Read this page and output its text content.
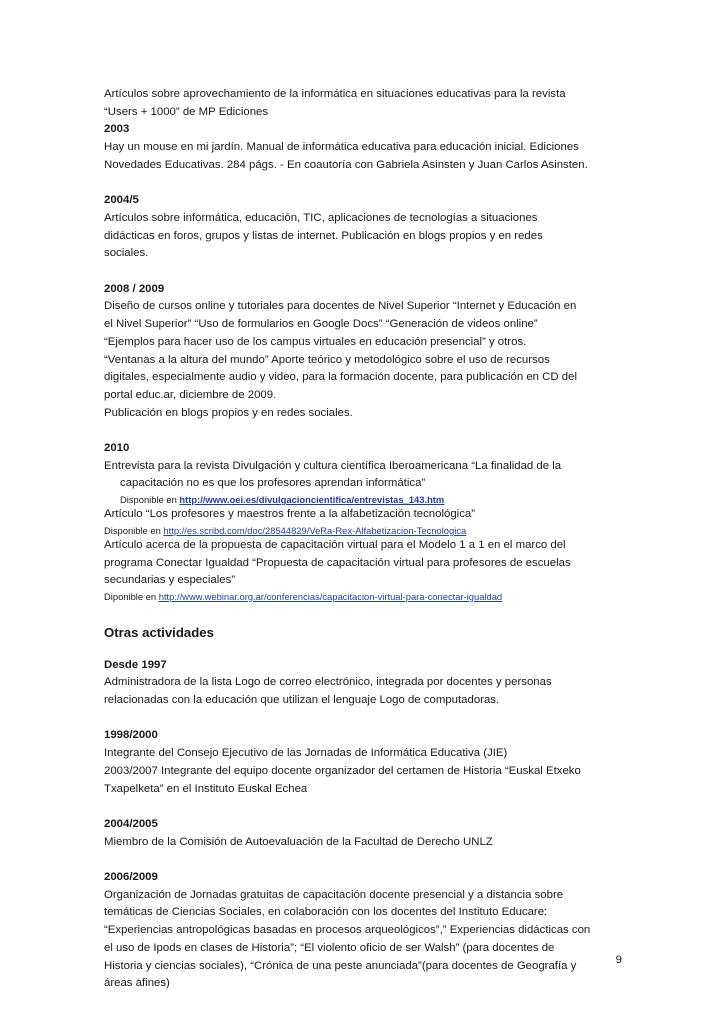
Artículos sobre aprovechamiento de la informática en situaciones educativas para la revista

“Users + 1000” de MP Ediciones

2003

Hay un mouse en mi jardín. Manual de informática educativa para educación inicial. Ediciones

Novedades Educativas. 284 págs. - En coautoría con Gabriela Asinsten y Juan Carlos Asinsten.

2004/5

Artículos sobre informática, educación, TIC, aplicaciones de tecnologías a situaciones

didácticas en foros, grupos y listas de internet. Publicación en blogs propios y en redes

sociales.

2008 / 2009

Diseño de cursos online y tutoriales para docentes de Nivel Superior “Internet y Educación en

el Nivel Superior” “Uso de formularios en Google Docs” “Generación de videos online”

“Ejemplos para hacer uso de los campus virtuales en educación presencial” y otros.

“Ventanas a la altura del mundo” Aporte teórico y metodológico sobre el uso de recursos

digitales, especialmente audio y video, para la formación docente, para publicación en CD del

portal educ.ar, diciembre de 2009.

Publicación en blogs propios y en redes sociales.

2010

Entrevista para la revista Divulgación y cultura científica Iberoamericana “La finalidad de la

capacitación no es que los profesores aprendan informática”

Disponible en http://www.oei.es/divulgacioncientifica/entrevistas_143.htm

Artículo “Los profesores y maestros frente a la alfabetización tecnológica”

Disponible en http://es.scribd.com/doc/28544829/VeRa-Rex-Alfabetizacion-Tecnologica

Artículo acerca de la propuesta de capacitación virtual para el Modelo 1 a 1 en el marco del

programa Conectar Igualdad “Propuesta de capacitación virtual para profesores de escuelas

secundarias y especiales”

Diponible en http://www.webinar.org.ar/conferencias/capacitacion-virtual-para-conectar-igualdad

Otras actividades

Desde 1997

Administradora de la lista Logo de correo electrónico, integrada por docentes y personas

relacionadas con la educación que utilizan el lenguaje Logo de computadoras.

1998/2000

Integrante del Consejo Ejecutivo de las Jornadas de Informática Educativa (JIE)

2003/2007 Integrante del equipo docente organizador del certamen de Historia “Euskal Etxeko

Txapelketa” en el Instituto Euskal Echea

2004/2005

Miembro de la Comisión de Autoevaluación de la Facultad de Derecho UNLZ

2006/2009

Organización de Jornadas gratuitas de capacitación docente presencial y a distancia sobre

temáticas de Ciencias Sociales, en colaboración con los docentes del Instituto Educare:

“Experiencias antropológicas basadas en procesos arqueológicos”,” Experiencias didácticas con

el uso de Ipods en clases de Historia”; “El violento oficio de ser Walsh” (para docentes de

Historia y ciencias sociales), “Crónica de una peste anunciada”(para docentes de Geografía y

áreas afines)

9
